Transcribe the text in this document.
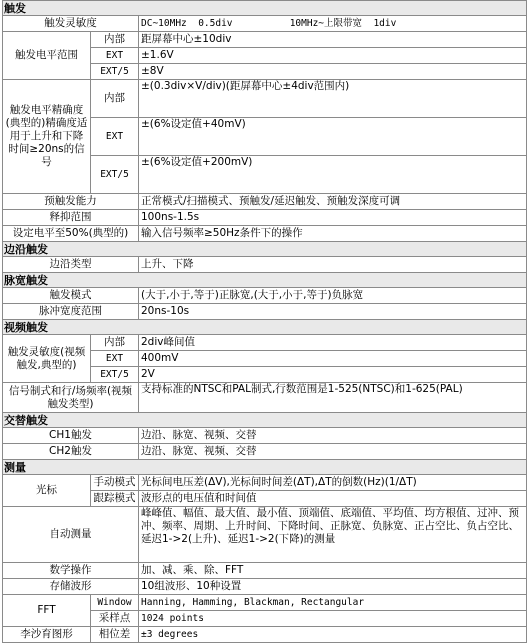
触发		
触发灵敏度		DC~10MHz  0.5div          10MHz~上限带宽  1div
触发电平范围	内部	距屏幕中心±10div
	EXT	±1.6V
	EXT/5	±8V
触发电平精确度(典型的)精确度适用于上升和下降时间≥20ns的信号	内部	±(0.3div×V/div)(距屏幕中心±4div范围内)
	EXT	±(6%设定值+40mV)
	EXT/5	±(6%设定值+200mV)
预触发能力		正常模式/扫描模式、预触发/延迟触发、预触发深度可调
释抑范围		100ns-1.5s
设定电平至50%(典型的)		输入信号频率≥50Hz条件下的操作
边沿触发		
边沿类型		上升、下降
脉宽触发		
触发模式		(大于,小于,等于)正脉宽,(大于,小于,等于)负脉宽
脉冲宽度范围		20ns-10s
视频触发		
触发灵敏度(视频触发,典型的)	内部	2div峰间值
	EXT	400mV
	EXT/5	2V
信号制式和行/场频率(视频触发类型)		支持标准的NTSC和PAL制式,行数范围是1-525(NTSC)和1-625(PAL)
交替触发		
CH1触发		边沿、脉宽、视频、交替
CH2触发		边沿、脉宽、视频、交替
测量		
光标	手动模式	光标间电压差(ΔV),光标间时间差(ΔT),ΔT的倒数(Hz)(1/ΔT)
	跟踪模式	波形点的电压值和时间值
自动测量		峰峰值、幅值、最大值、最小值、顶端值、底端值、平均值、均方根值、过冲、预冲、频率、周期、上升时间、下降时间、正脉宽、负脉宽、正占空比、负占空比、延迟1->2(上升)、延迟1->2(下降)的测量
数学操作		加、减、乘、除、FFT
存储波形		10组波形、10种设置
FFT	Window	Hanning, Hamming, Blackman, Rectangular
	采样点	1024 points
李沙育图形	相位差	±3 degrees
